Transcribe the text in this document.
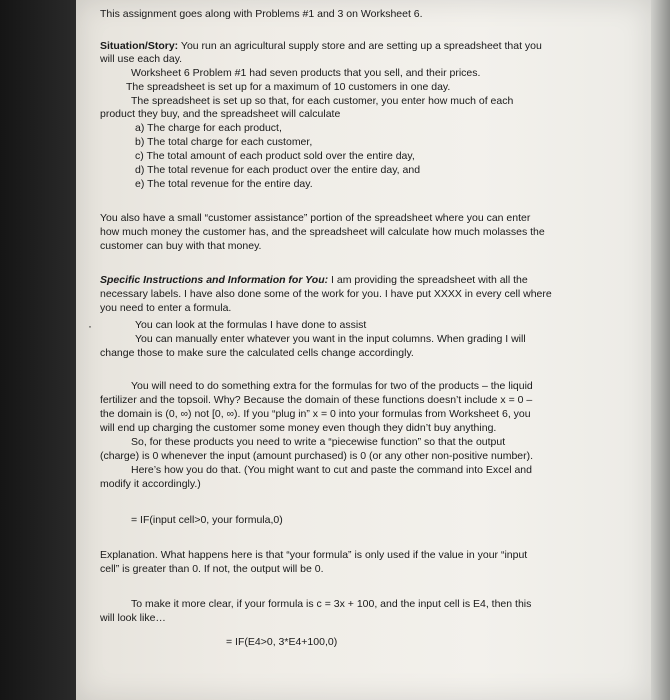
·
This assignment goes along with Problems #1 and 3 on Worksheet 6.
Situation/Story: You run an agricultural supply store and are setting up a spreadsheet that you
will use each day.
Worksheet 6 Problem #1 had seven products that you sell, and their prices.
The spreadsheet is set up for a maximum of 10 customers in one day.
The spreadsheet is set up so that, for each customer, you enter how much of each
product they buy, and the spreadsheet will calculate
a) The charge for each product,
b) The total charge for each customer,
c) The total amount of each product sold over the entire day,
d) The total revenue for each product over the entire day, and
e) The total revenue for the entire day.
You also have a small “customer assistance” portion of the spreadsheet where you can enter
how much money the customer has, and the spreadsheet will calculate how much molasses the
customer can buy with that money.
Specific Instructions and Information for You: I am providing the spreadsheet with all the
necessary labels. I have also done some of the work for you. I have put XXXX in every cell where
you need to enter a formula.
You can look at the formulas I have done to assist
You can manually enter whatever you want in the input columns. When grading I will
change those to make sure the calculated cells change accordingly.
You will need to do something extra for the formulas for two of the products – the liquid
fertilizer and the topsoil. Why? Because the domain of these functions doesn’t include x = 0 –
the domain is (0, ∞) not [0, ∞). If you “plug in” x = 0 into your formulas from Worksheet 6, you
will end up charging the customer some money even though they didn’t buy anything.
So, for these products you need to write a “piecewise function” so that the output
(charge) is 0 whenever the input (amount purchased) is 0 (or any other non-positive number).
Here’s how you do that. (You might want to cut and paste the command into Excel and
modify it accordingly.)
= IF(input cell>0, your formula,0)
Explanation. What happens here is that “your formula” is only used if the value in your “input
cell” is greater than 0. If not, the output will be 0.
To make it more clear, if your formula is c = 3x + 100, and the input cell is E4, then this
will look like…
= IF(E4>0, 3*E4+100,0)
